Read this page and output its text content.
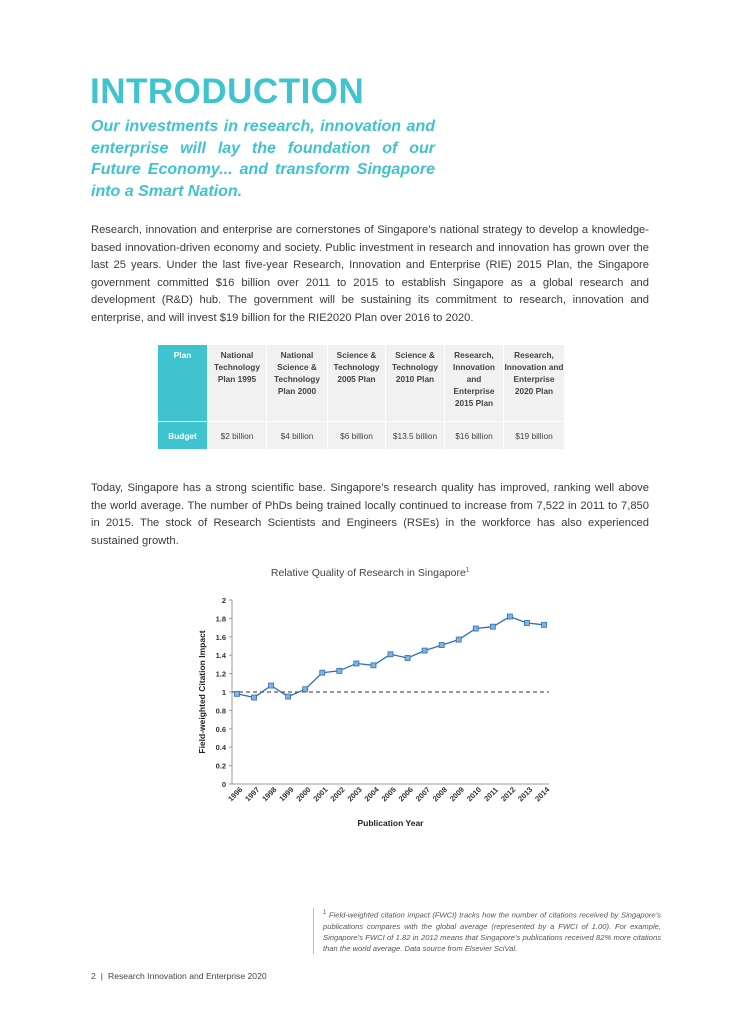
INTRODUCTION

Our investments in research, innovation and enterprise will lay the foundation of our Future Economy... and transform Singapore into a Smart Nation.

Research, innovation and enterprise are cornerstones of Singapore’s national strategy to develop a knowledge-based innovation-driven economy and society. Public investment in research and innovation has grown over the last 25 years. Under the last five-year Research, Innovation and Enterprise (RIE) 2015 Plan, the Singapore government committed $16 billion over 2011 to 2015 to establish Singapore as a global research and development (R&D) hub. The government will be sustaining its commitment to research, innovation and enterprise, and will invest $19 billion for the RIE2020 Plan over 2016 to 2020.

Plan	National Technology Plan 1995	National Science & Technology Plan 2000	Science & Technology 2005 Plan	Science & Technology 2010 Plan	Research, Innovation and Enterprise 2015 Plan	Research, Innovation and Enterprise 2020 Plan
Budget	$2 billion	$4 billion	$6 billion	$13.5 billion	$16 billion	$19 billion

Today, Singapore has a strong scientific base. Singapore’s research quality has improved, ranking well above the world average. The number of PhDs being trained locally continued to increase from 7,522 in 2011 to 7,850 in 2015. The stock of Research Scientists and Engineers (RSEs) in the workforce has also experienced sustained growth.

Relative Quality of Research in Singapore$^1$

0
0.2
0.4
0.6
0.8
1
1.2
1.4
1.6
1.8
2
1996
1997
1998
1999
2000
2001
2002
2003
2004
2005
2006
2007
2008
2009
2010 2011 2012
2013
2014
Publication Year
Field-weighted Citation Impact

$^1$ Field-weighted citation impact (FWCI) tracks how the number of citations received by Singapore’s publications compares with the global average (represented by a FWCI of 1.00). For example, Singapore’s FWCI of 1.82 in 2012 means that Singapore’s publications received 82% more citations than the world average. Data source from Elsevier SciVal.

2 | Research Innovation and Enterprise 2020
